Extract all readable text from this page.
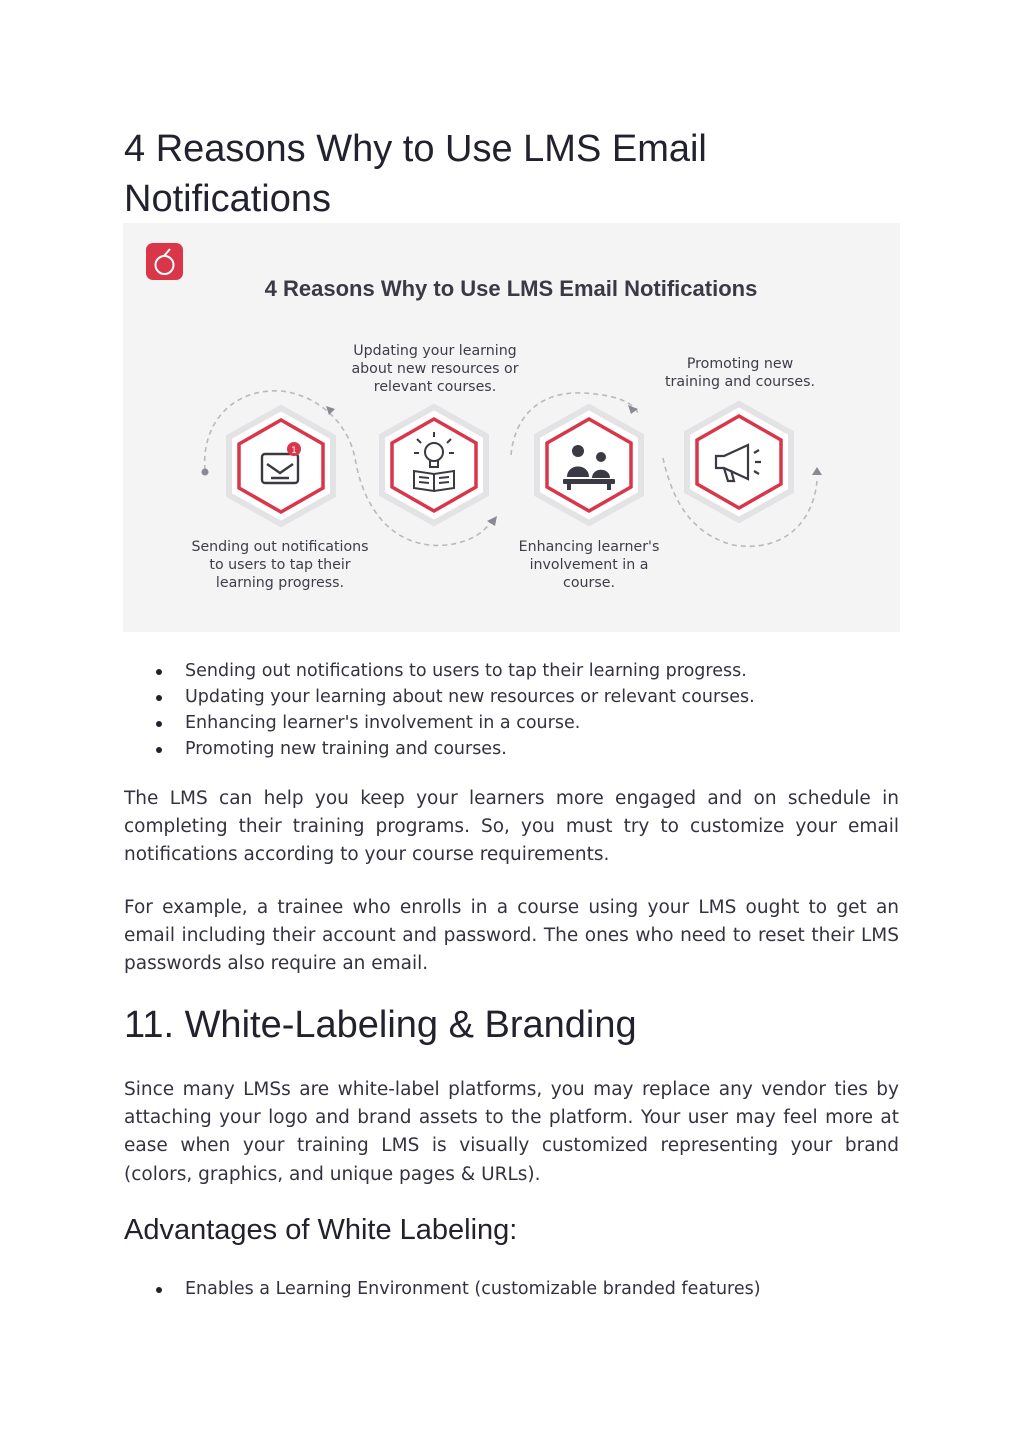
4 Reasons Why to Use LMS Email Notifications
4 Reasons Why to Use LMS Email Notifications
1
Sending out notifications
to users to tap their
learning progress.
Updating your learning
about new resources or
relevant courses.
Enhancing learner's
involvement in a
course.
Promoting new
training and courses.
Sending out notifications to users to tap their learning progress.
Updating your learning about new resources or relevant courses.
Enhancing learner's involvement in a course.
Promoting new training and courses.

The LMS can help you keep your learners more engaged and on schedule in completing their training programs. So, you must try to customize your email notifications according to your course requirements.

For example, a trainee who enrolls in a course using your LMS ought to get an email including their account and password. The ones who need to reset their LMS passwords also require an email.

11. White-Labeling & Branding

Since many LMSs are white-label platforms, you may replace any vendor ties by attaching your logo and brand assets to the platform. Your user may feel more at ease when your training LMS is visually customized representing your brand (colors, graphics, and unique pages & URLs).

Advantages of White Labeling:
Enables a Learning Environment (customizable branded features)
